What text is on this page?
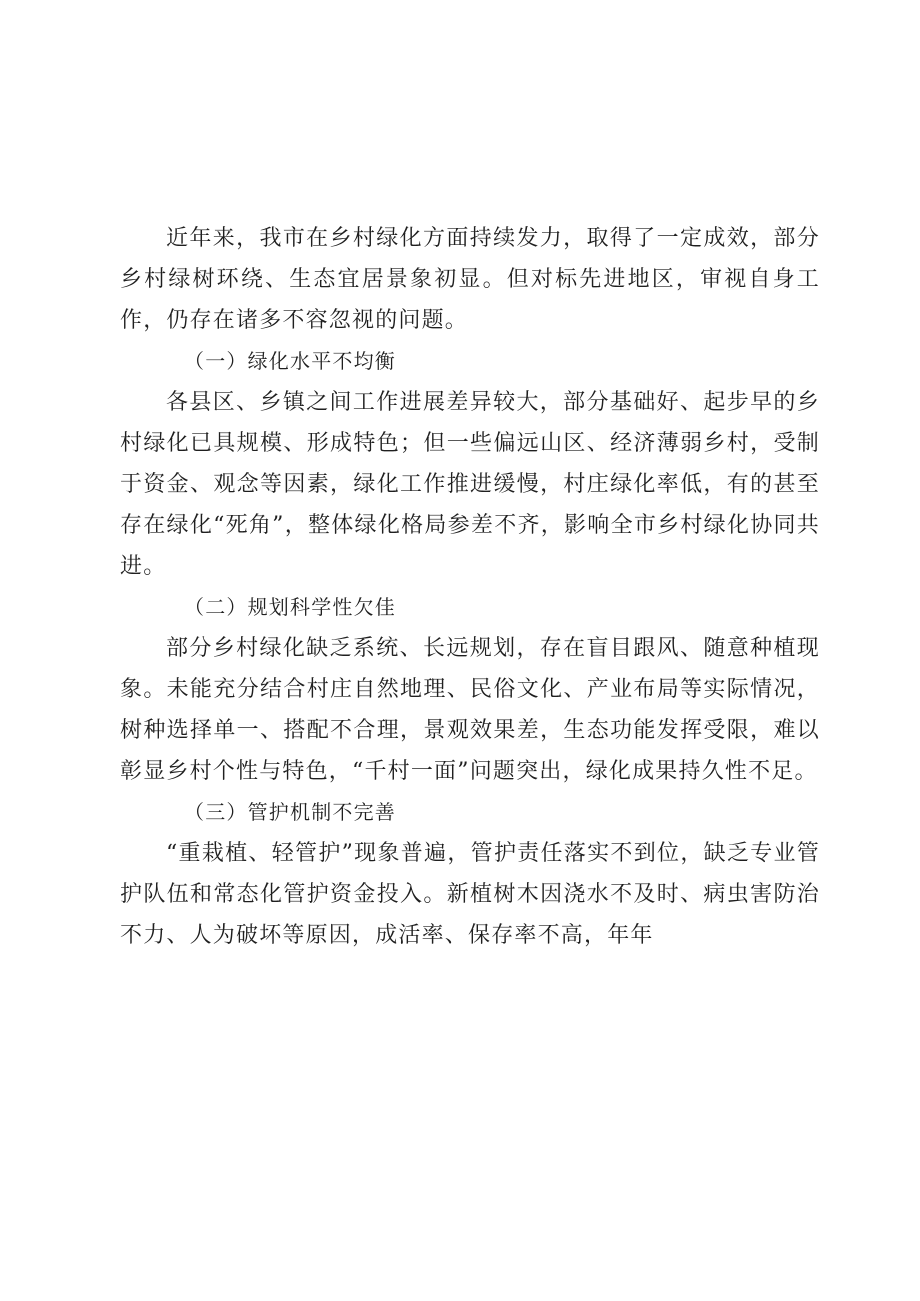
近年来，我市在乡村绿化方面持续发力，取得了一定成效，部分乡村绿树环绕、生态宜居景象初显。但对标先进地区，审视自身工作，仍存在诸多不容忽视的问题。

（一）绿化水平不均衡

各县区、乡镇之间工作进展差异较大，部分基础好、起步早的乡村绿化已具规模、形成特色；但一些偏远山区、经济薄弱乡村，受制于资金、观念等因素，绿化工作推进缓慢，村庄绿化率低，有的甚至存在绿化“死角”，整体绿化格局参差不齐，影响全市乡村绿化协同共进。

（二）规划科学性欠佳

部分乡村绿化缺乏系统、长远规划，存在盲目跟风、随意种植现象。未能充分结合村庄自然地理、民俗文化、产业布局等实际情况，树种选择单一、搭配不合理，景观效果差，生态功能发挥受限，难以彰显乡村个性与特色，“千村一面”问题突出，绿化成果持久性不足。

（三）管护机制不完善

“重栽植、轻管护”现象普遍，管护责任落实不到位，缺乏专业管护队伍和常态化管护资金投入。新植树木因浇水不及时、病虫害防治不力、人为破坏等原因，成活率、保存率不高，年年
